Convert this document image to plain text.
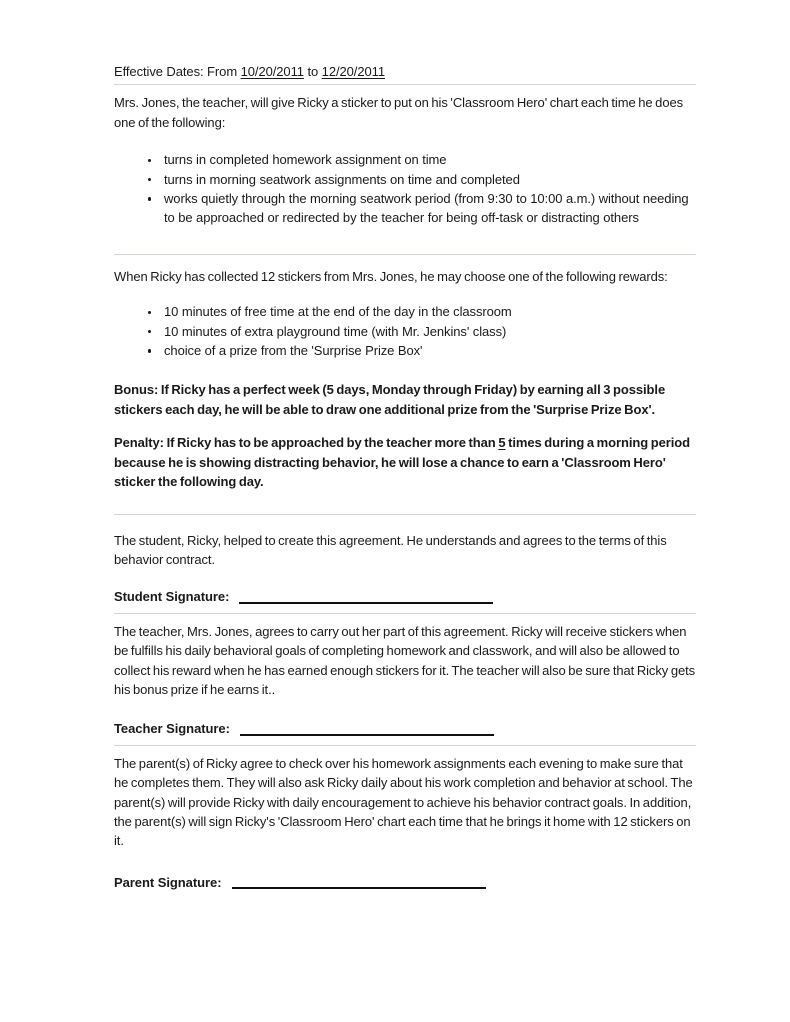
Effective Dates: From 10/20/2011 to 12/20/2011

Mrs. Jones, the teacher, will give Ricky a sticker to put on his 'Classroom Hero' chart each time he does one of the following:

turns in completed homework assignment on time
turns in morning seatwork assignments on time and completed
works quietly through the morning seatwork period (from 9:30 to 10:00 a.m.) without needing to be approached or redirected by the teacher for being off-task or distracting others

When Ricky has collected 12 stickers from Mrs. Jones, he may choose one of the following rewards:

10 minutes of free time at the end of the day in the classroom
10 minutes of extra playground time (with Mr. Jenkins' class)
choice of a prize from the 'Surprise Prize Box'

Bonus: If Ricky has a perfect week (5 days, Monday through Friday) by earning all 3 possible stickers each day, he will be able to draw one additional prize from the 'Surprise Prize Box'.

Penalty: If Ricky has to be approached by the teacher more than 5 times during a morning period because he is showing distracting behavior, he will lose a chance to earn a 'Classroom Hero' sticker the following day.

The student, Ricky, helped to create this agreement. He understands and agrees to the terms of this behavior contract.

Student Signature:

The teacher, Mrs. Jones, agrees to carry out her part of this agreement. Ricky will receive stickers when be fulfills his daily behavioral goals of completing homework and classwork, and will also be allowed to collect his reward when he has earned enough stickers for it. The teacher will also be sure that Ricky gets his bonus prize if he earns it..

Teacher Signature:

The parent(s) of Ricky agree to check over his homework assignments each evening to make sure that he completes them. They will also ask Ricky daily about his work completion and behavior at school. The parent(s) will provide Ricky with daily encouragement to achieve his behavior contract goals. In addition, the parent(s) will sign Ricky's 'Classroom Hero' chart each time that he brings it home with 12 stickers on it.

Parent Signature:
